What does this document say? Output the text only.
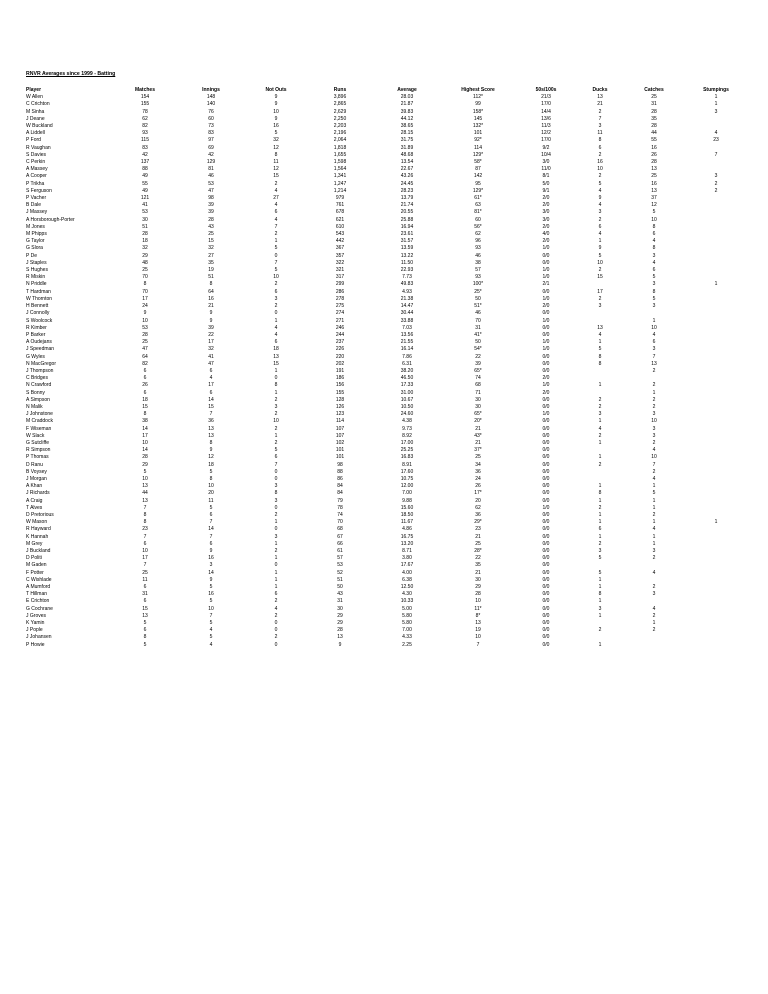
RNVR Averages since 1999 - Batting
Player	Matches	Innings	Not Outs	Runs	Average	Highest Score	50s/100s	Ducks	Catches	Stumpings
W Allen	154	148	9	3,896	28.03	112*	21/3	13	25	1
C Crichton	155	140	9	2,865	21.87	99	17/0	21	31	1
M Sinha	78	76	10	2,629	39.83	158*	14/4	2	28	3
J Deane	62	60	9	2,250	44.12	145	13/6	7	35	
W Buckland	82	73	16	2,203	38.65	132*	11/3	3	28	
A Liddell	93	83	5	2,196	28.15	101	12/2	11	44	4
P Ford	115	97	32	2,064	31.75	92*	17/0	8	55	23
R Vaughan	83	69	12	1,818	31.89	114	9/2	6	16	
S Davies	42	42	8	1,655	48.68	129*	10/4	2	26	7
C Perkin	137	129	11	1,598	13.54	58*	3/0	16	28	
A Massey	88	81	12	1,564	22.67	87	11/0	10	13	
A Cooper	49	46	15	1,341	43.26	142	8/1	2	25	3
P Trikha	55	53	2	1,247	24.45	95	5/0	5	16	2
S Ferguson	49	47	4	1,214	28.23	129*	9/1	4	13	2
P Vacher	121	98	27	979	13.79	61*	2/0	9	37	
B Dale	41	39	4	761	21.74	63	2/0	4	12	
J Massey	53	39	6	678	20.55	81*	3/0	3	5	
A Horsborough-Porter	30	28	4	621	25.88	60	3/0	2	10	
M Jones	51	43	7	610	16.94	56*	2/0	6	8	
M Phipps	28	25	2	543	23.61	62	4/0	4	6	
G Taylor	18	15	1	442	31.57	96	2/0	1	4	
G Slora	32	32	5	367	13.59	93	1/0	9	8	
P De	29	27	0	357	13.22	46	0/0	5	3	
J Staples	48	35	7	322	11.50	38	0/0	10	4	
S Hughes	25	19	5	321	22.93	57	1/0	2	6	
R Miskin	70	51	10	317	7.73	93	1/0	15	5	
N Priddle	8	8	2	299	49.83	100*	2/1		3	1
T Hardman	70	64	6	286	4.93	25*	0/0	17	8	
W Thornton	17	16	3	278	21.38	50	1/0	2	5	
H Bennett	24	21	2	275	14.47	51*	2/0	3	3	
J Connolly	9	9	0	274	30.44	46	0/0			
S Woolcock	10	9	1	271	33.88	70	1/0		1	
R Kimber	53	39	4	246	7.03	31	0/0	13	10	
P Barker	28	22	4	244	13.56	41*	0/0	4	4	
A Oudejans	25	17	6	237	21.55	50	1/0	1	6	
J Speedman	47	32	18	226	16.14	54*	1/0	5	3	
G Wyles	64	41	13	220	7.86	22	0/0	8	7	
N MacGregor	82	47	15	202	6.31	39	0/0	8	13	
J Thompson	6	6	1	191	38.20	65*	0/0		2	
C Bridges	6	4	0	186	46.50	74	2/0			
N Crawford	26	17	8	156	17.33	68	1/0	1	2	
S Bonny	6	6	1	155	31.00	71	2/0		1	
A Simpson	18	14	2	128	10.67	30	0/0	2	2	
N Malik	15	15	3	126	10.50	30	0/0	2	2	
J Johnstone	8	7	2	123	24.60	65*	1/0	3	3	
M Craddock	38	36	10	114	4.38	20*	0/0	1	10	
F Wiseman	14	13	2	107	9.73	21	0/0	4	3	
W Slack	17	13	1	107	8.92	43*	0/0	2	3	
G Sutcliffe	10	8	2	102	17.00	21	0/0	1	2	
R Simpson	14	9	5	101	25.25	37*	0/0		4	
P Thomas	28	12	6	101	16.83	25	0/0	1	10	
D Ranu	29	18	7	98	8.91	34	0/0	2	7	
B Voysey	5	5	0	88	17.60	36	0/0		2	
J Morgan	10	8	0	86	10.75	24	0/0		4	
A Khan	13	10	3	84	12.00	26	0/0	1	1	
J Richards	44	20	8	84	7.00	17*	0/0	8	5	
A Craig	13	11	3	79	9.88	20	0/0	1	1	
T Alves	7	5	0	78	15.60	62	1/0	2	1	
D Pretorious	8	6	2	74	18.50	36	0/0	1	2	
W Mason	8	7	1	70	11.67	29*	0/0	1	1	1
R Hayward	23	14	0	68	4.86	23	0/0	6	4	
K Hannah	7	7	3	67	16.75	21	0/0	1	1	
M Grey	6	6	1	66	13.20	25	0/0	2	1	
J Buckland	10	9	2	61	8.71	28*	0/0	3	3	
D Politi	17	16	1	57	3.80	22	0/0	5	2	
M Gaden	7	3	0	53	17.67	35	0/0			
F Potter	25	14	1	52	4.00	21	0/0	5	4	
C Wishlade	11	9	1	51	6.38	30	0/0	1		
A Mumford	6	5	1	50	12.50	29	0/0	1	2	
T Hillman	31	16	6	43	4.30	28	0/0	8	3	
E Crichton	6	5	2	31	10.33	10	0/0	1		
G Cochrane	15	10	4	30	5.00	11*	0/0	3	4	
J Groves	13	7	2	29	5.80	8*	0/0	1	2	
K Yamin	5	5	0	29	5.80	13	0/0		1	
J Pople	6	4	0	28	7.00	19	0/0	2	2	
J Johansen	8	5	2	13	4.33	10	0/0			
P Howie	5	4	0	9	2.25	7	0/0	1		
